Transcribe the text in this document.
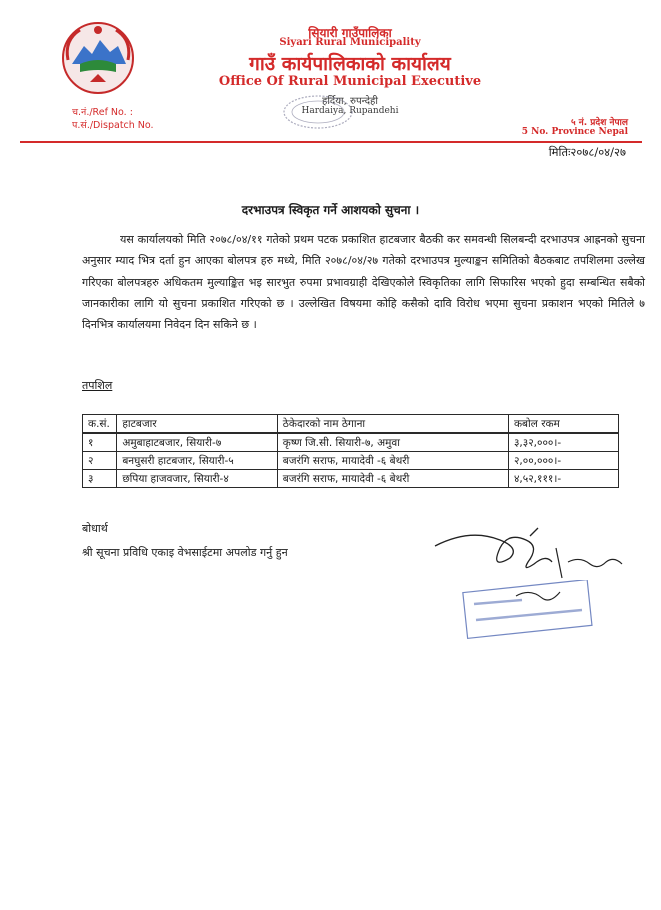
सियारी गाउँपालिका
Siyari Rural Municipality
गाउँ कार्यपालिकाको कार्यालय
Office Of Rural Municipal Executive
हर्दिया, रुपन्देही
Hardaiya, Rupandehi
च.नं./Ref No. :
प.सं./Dispatch No.	५ नं. प्रदेश नेपाल
5 No. Province Nepal
मितिः२०७८/०४/२७
दरभाउपत्र स्विकृत गर्ने आशयको सुचना ।
यस कार्यालयको मिति २०७८/०४/११ गतेको प्रथम पटक प्रकाशित हाटबजार बैठकी कर समवन्धी सिलबन्दी दरभाउपत्र आह्रनको सुचना अनुसार म्याद भित्र दर्ता हुन आएका बोलपत्र हरु मध्ये, मिति २०७८/०४/२७ गतेको दरभाउपत्र मुल्याङ्कन समितिको बैठकबाट तपशिलमा उल्लेख गरिएका बोलपत्रहरु अधिकतम मुल्याङ्कित भइ सारभुत रुपमा प्रभावग्राही देखिएकोले स्विकृतिका लागि सिफारिस भएको हुदा सम्बन्धित सबैको जानकारीका लागि यो सुचना प्रकाशित गरिएको छ । उल्लेखित विषयमा कोहि कसैको दावि विरोध भएमा सुचना प्रकाशन भएको मितिले ७ दिनभित्र कार्यालयमा निवेदन दिन सकिने छ ।
तपशिल
क.सं.	हाटबजार	ठेकेदारको नाम ठेगाना	कबोल रकम
१	अमुबाहाटबजार, सियारी-७	कृष्ण जि.सी. सियारी-७, अमुवा	३,३२,०००।-
२	बनघुसरी हाटबजार, सियारी-५	बजरंगि सराफ, मायादेवी -६ बेथरी	२,००,०००।-
३	छपिया हाजवजार, सियारी-४	बजरंगि सराफ, मायादेवी -६ बेथरी	४,५२,१११।-
बोधार्थ
श्री सूचना प्रविधि एकाइ वेभसाईटमा अपलोड गर्नु हुन
